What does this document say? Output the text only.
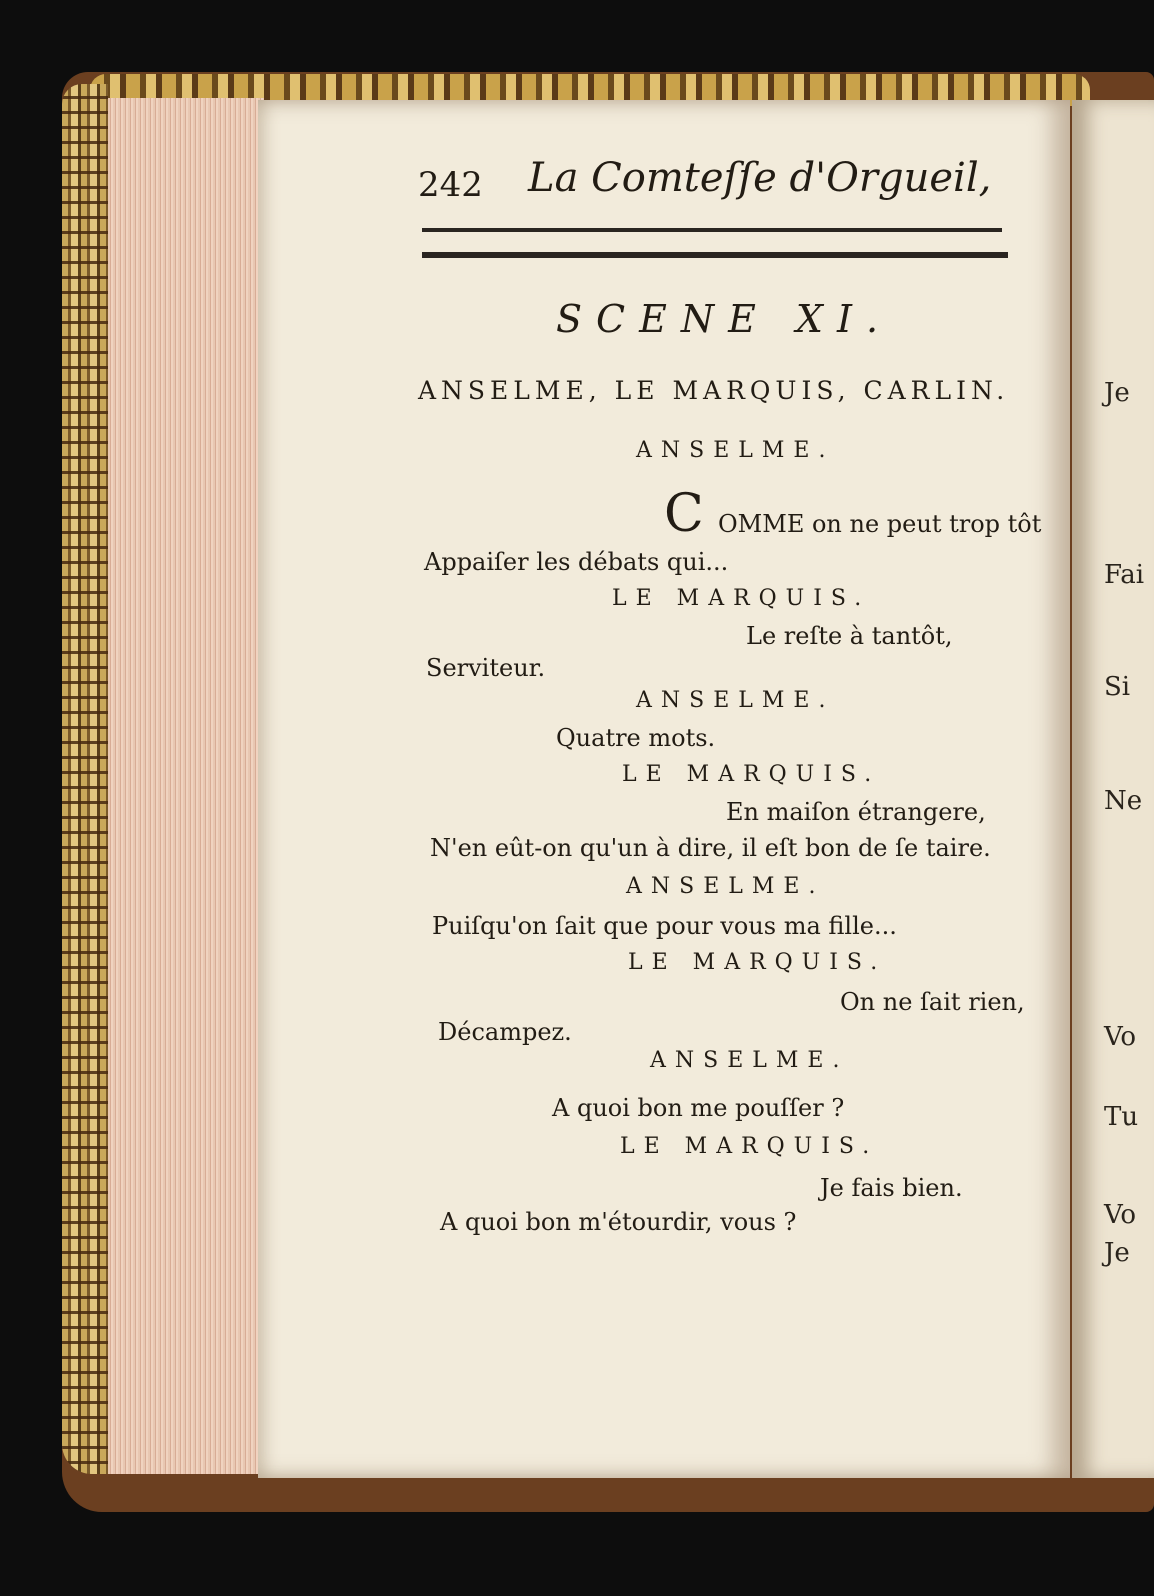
242 La Comteſſe d'Orgueil,
SCENE XI.
ANSELME, LE MARQUIS, CARLIN.
ANSELME.
C OMME on ne peut trop tôt
Appaiſer les débats qui...
LE MARQUIS.
Le reſte à tantôt,
Serviteur.
ANSELME.
Quatre mots.
LE MARQUIS.
En maiſon étrangere,
N'en eût-on qu'un à dire, il eſt bon de ſe taire.
ANSELME.
Puiſqu'on ſait que pour vous ma fille...
LE MARQUIS.
On ne ſait rien,
Décampez.
ANSELME.
A quoi bon me pouſſer ?
LE MARQUIS.
Je fais bien.
A quoi bon m'étourdir, vous ?
Je
Fai
Si
Ne
Vo
Tu
Vo
Je
